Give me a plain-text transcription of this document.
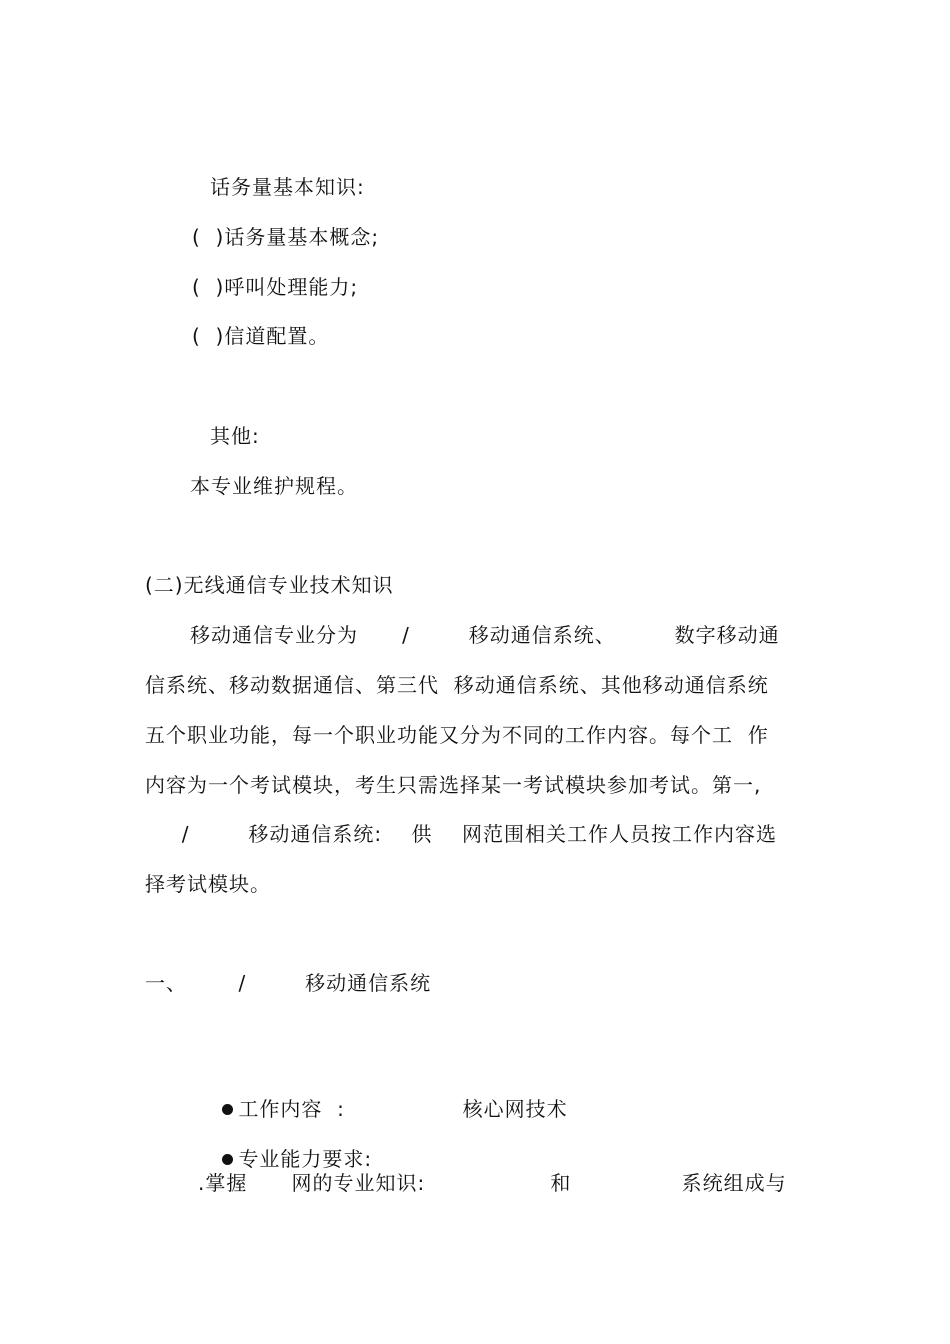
话务量基本知识:
(  )话务量基本概念;
(  )呼叫处理能力;
(  )信道配置。
其他:
本专业维护规程。
(二)无线通信专业技术知识
移动通信专业分为      /        移动通信系统、        数字移动通
信系统、移动数据通信、第三代  移动通信系统、其他移动通信系统
五个职业功能，每一个职业功能又分为不同的工作内容。每个工  作
内容为一个考试模块，考生只需选择某一考试模块参加考试。第一,
/        移动通信系统:    供    网范围相关工作人员按工作内容选
择考试模块。
一、       /        移动通信系统

工作内容  :                核心网技术

专业能力要求:

.掌握      网的专业知识:                 和               系统组成与
